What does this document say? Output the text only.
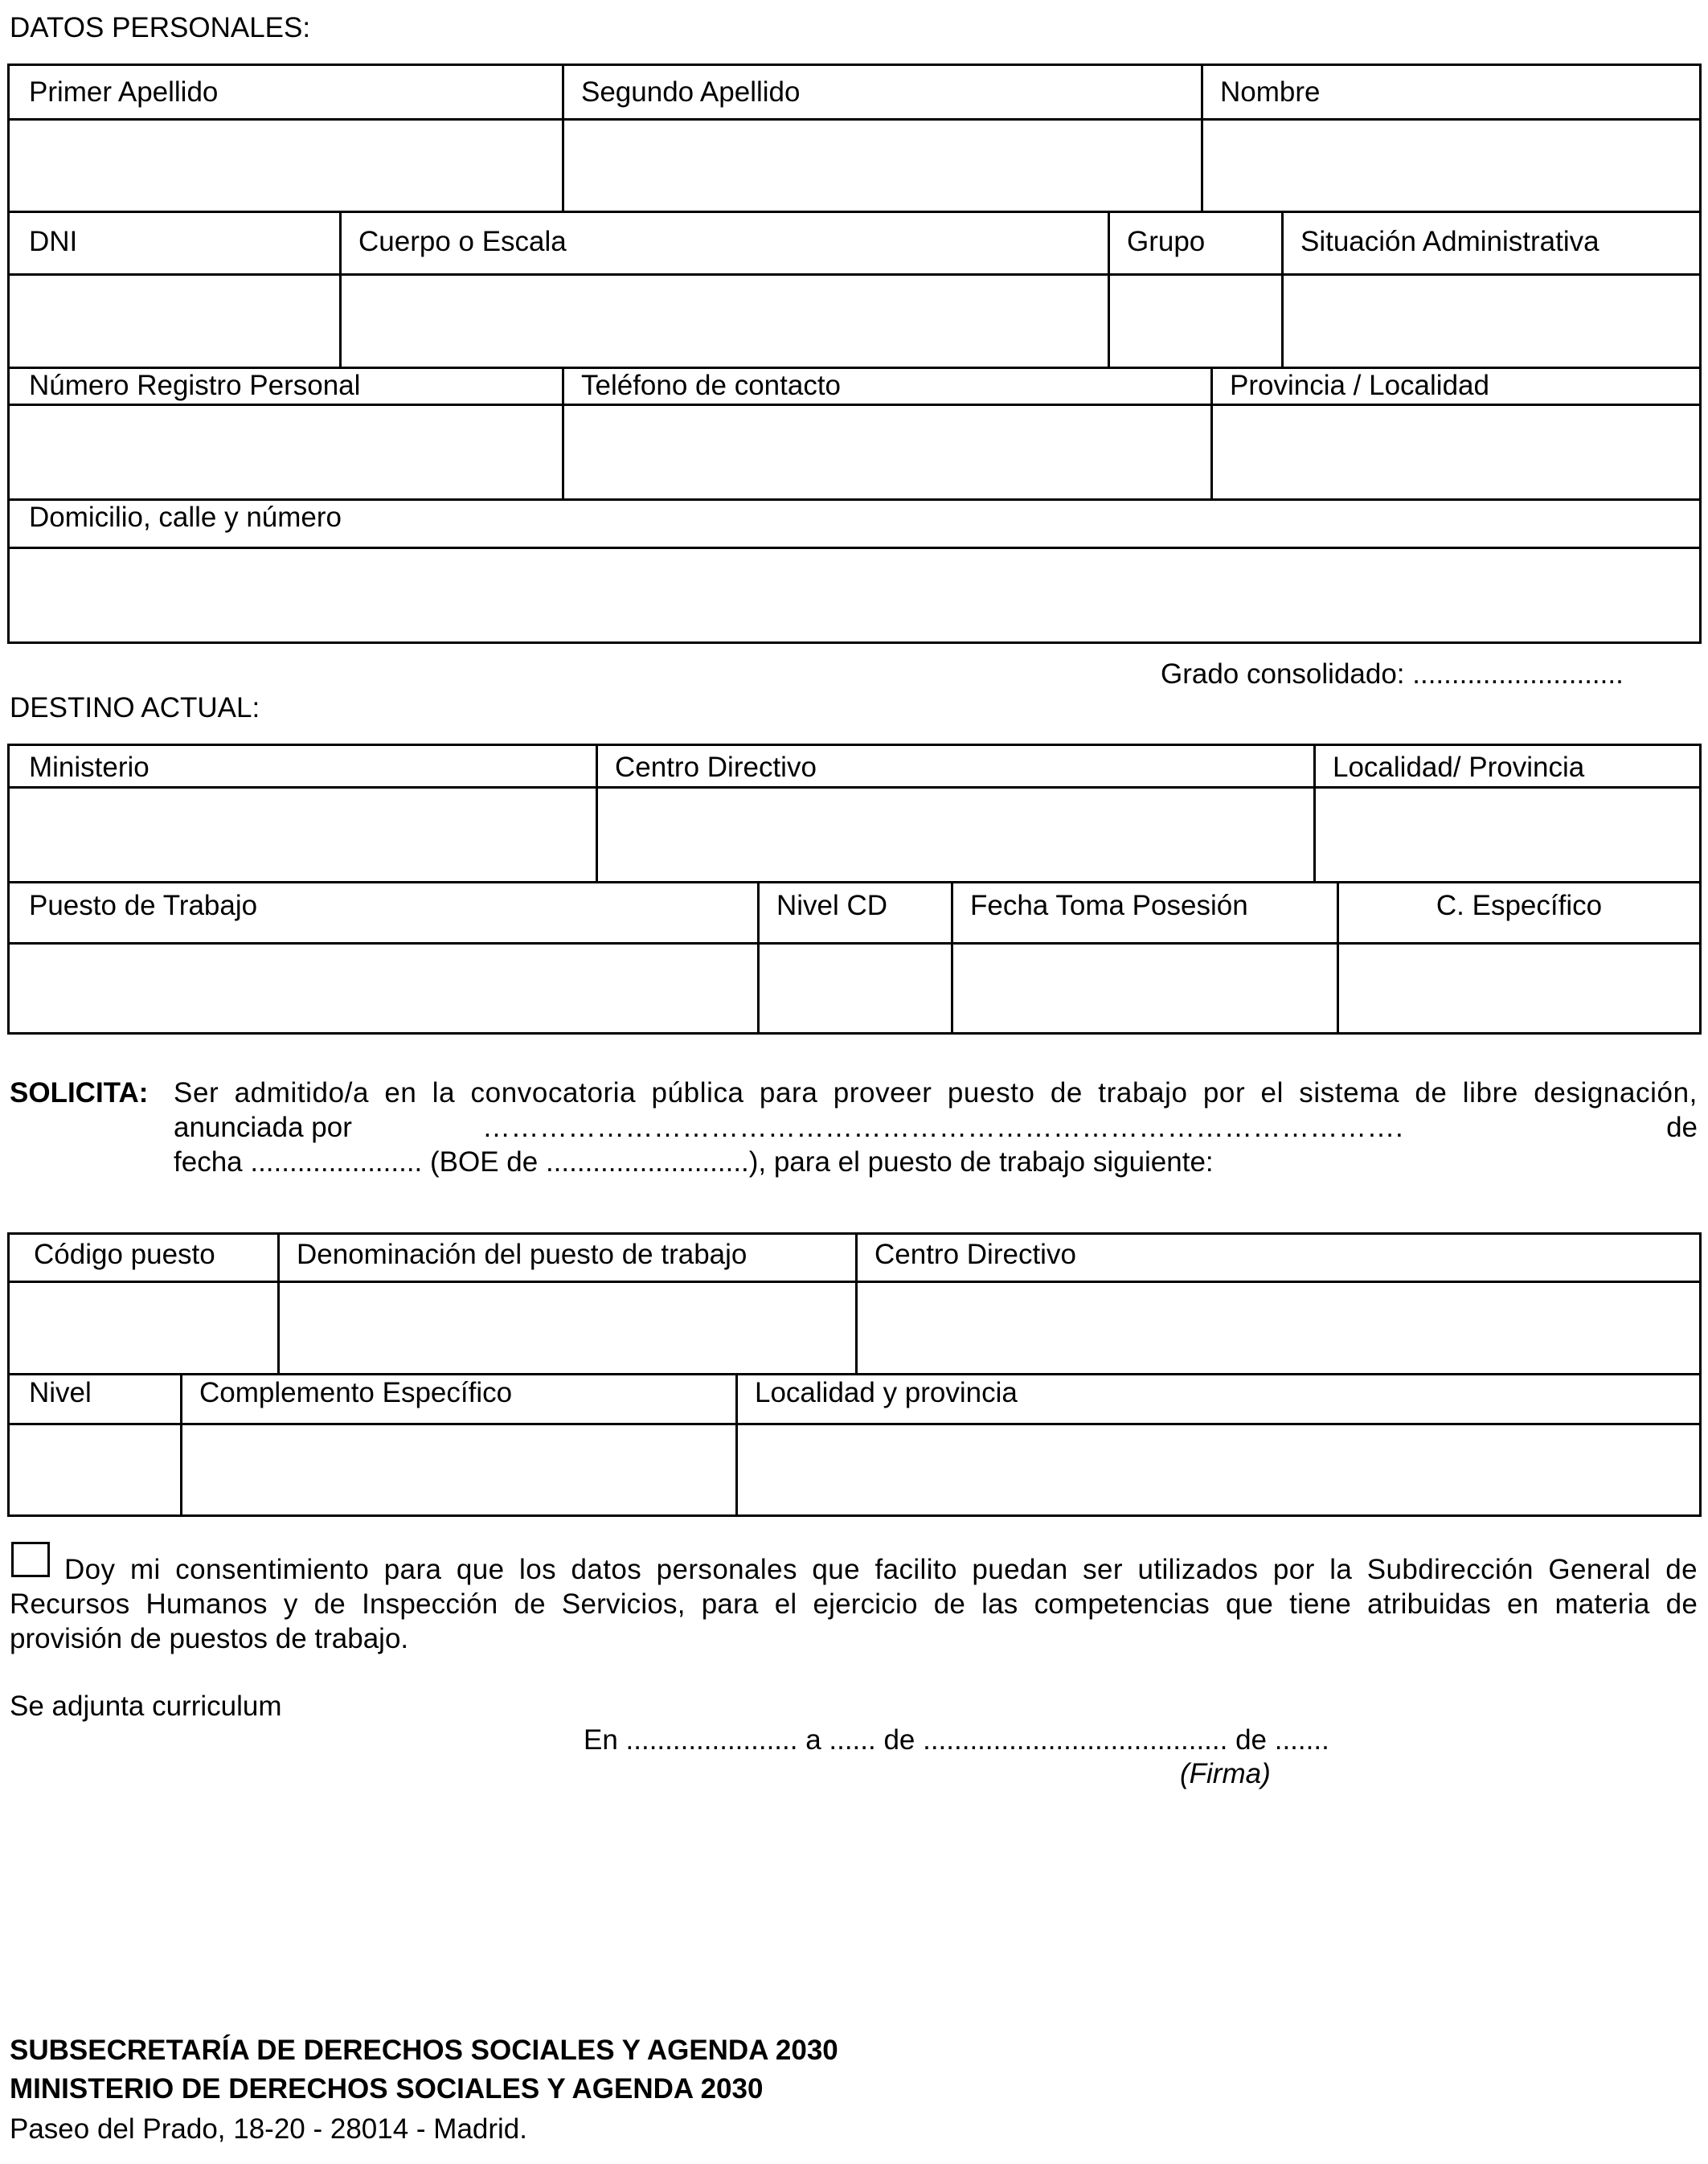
DATOS PERSONALES:
Primer Apellido	Segundo Apellido	Nombre
DNI	Cuerpo o Escala	Grupo	Situación Administrativa
Número Registro Personal	Teléfono de contacto	Provincia / Localidad
Domicilio, calle y número
Grado consolidado: ...........................
DESTINO ACTUAL:
Ministerio	Centro Directivo	Localidad/ Provincia
Puesto de Trabajo	Nivel CD	Fecha Toma Posesión	C. Específico
SOLICITA: Ser admitido/a en la convocatoria pública para proveer puesto de trabajo por el sistema de libre designación,
anunciada por	…………………………………………………………………………………….	de
fecha ...................... (BOE de ..........................), para el puesto de trabajo siguiente:
Código puesto	Denominación del puesto de trabajo	Centro Directivo
Nivel	Complemento Específico	Localidad y provincia
Doy mi consentimiento para que los datos personales que facilito puedan ser utilizados por la Subdirección General de
Recursos Humanos y de Inspección de Servicios, para el ejercicio de las competencias que tiene atribuidas en materia de
provisión de puestos de trabajo.
Se adjunta curriculum
En ...................... a ...... de ....................................... de .......
(Firma)
SUBSECRETARÍA DE DERECHOS SOCIALES Y AGENDA 2030
MINISTERIO DE DERECHOS SOCIALES Y AGENDA 2030
Paseo del Prado, 18-20 - 28014 - Madrid.
